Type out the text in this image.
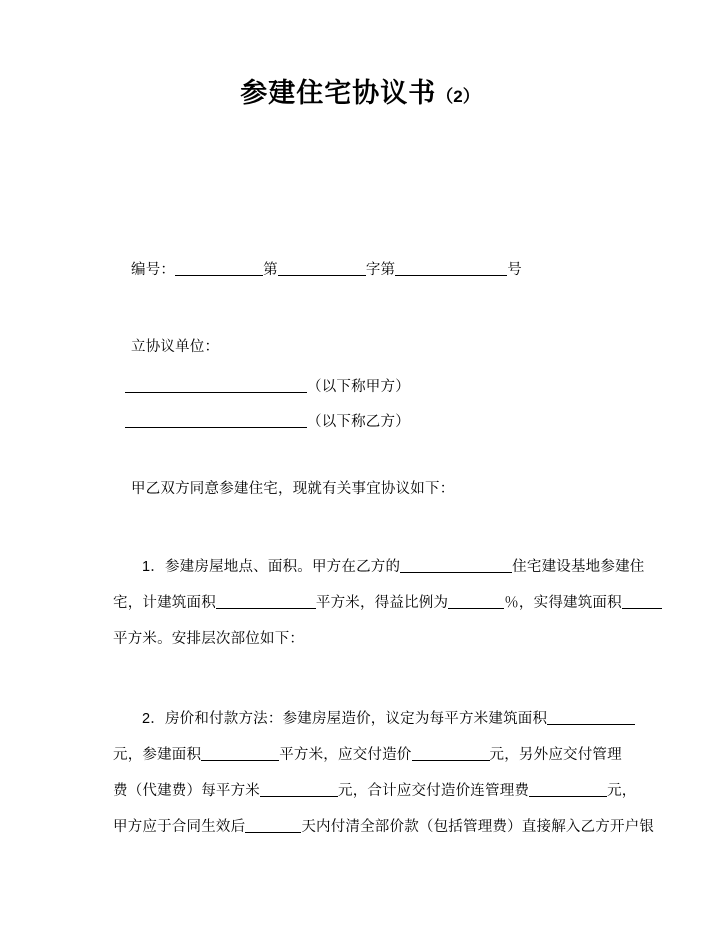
参建住宅协议书（2）
编号：	第	字第	号
立协议单位：
（以下称甲方）
（以下称乙方）
甲乙双方同意参建住宅，现就有关事宜协议如下：
1．参建房屋地点、面积。甲方在乙方的	住宅建设基地参建住
宅，计建筑面积	平方米，得益比例为	％，实得建筑面积
平方米。安排层次部位如下：
2．房价和付款方法：参建房屋造价，议定为每平方米建筑面积
元，参建面积	平方米，应交付造价	元，另外应交付管理
费（代建费）每平方米	元，合计应交付造价连管理费	元，
甲方应于合同生效后	天内付清全部价款（包括管理费）直接解入乙方开户银
